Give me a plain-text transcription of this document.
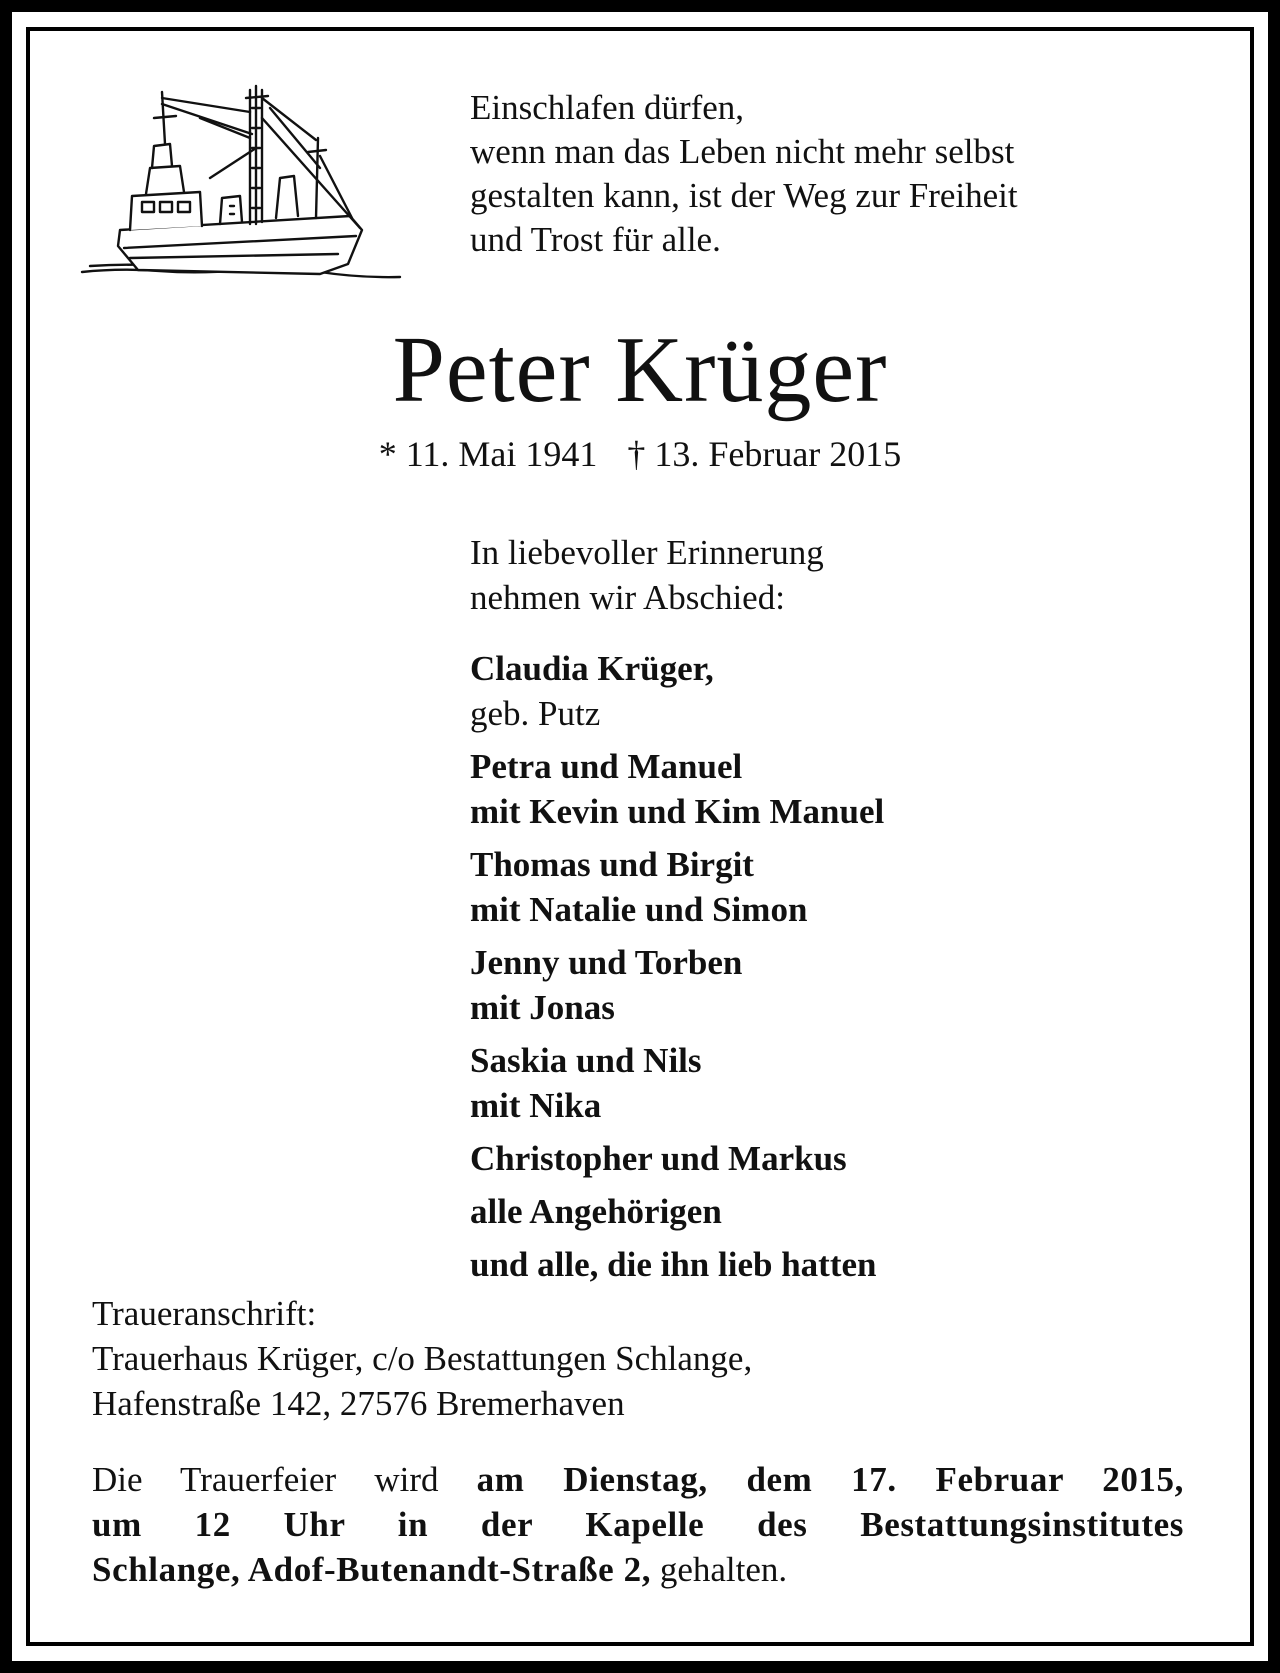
Einschlafen dürfen,
wenn man das Leben nicht mehr selbst
gestalten kann, ist der Weg zur Freiheit
und Trost für alle.

Peter Krüger
* 11. Mai 1941 † 13. Februar 2015
In liebevoller Erinnerung
nehmen wir Abschied:
Claudia Krüger,
geb. Putz
Petra und Manuel
mit Kevin und Kim Manuel
Thomas und Birgit
mit Natalie und Simon
Jenny und Torben
mit Jonas
Saskia und Nils
mit Nika
Christopher und Markus
alle Angehörigen
und alle, die ihn lieb hatten
Traueranschrift:
Trauerhaus Krüger, c/o Bestattungen Schlange,
Hafenstraße 142, 27576 Bremerhaven
Die Trauerfeier wird am Dienstag, dem 17. Februar 2015,
um 12 Uhr in der Kapelle des Bestattungsinstitutes
Schlange, Adof-Butenandt-Straße 2, gehalten.
